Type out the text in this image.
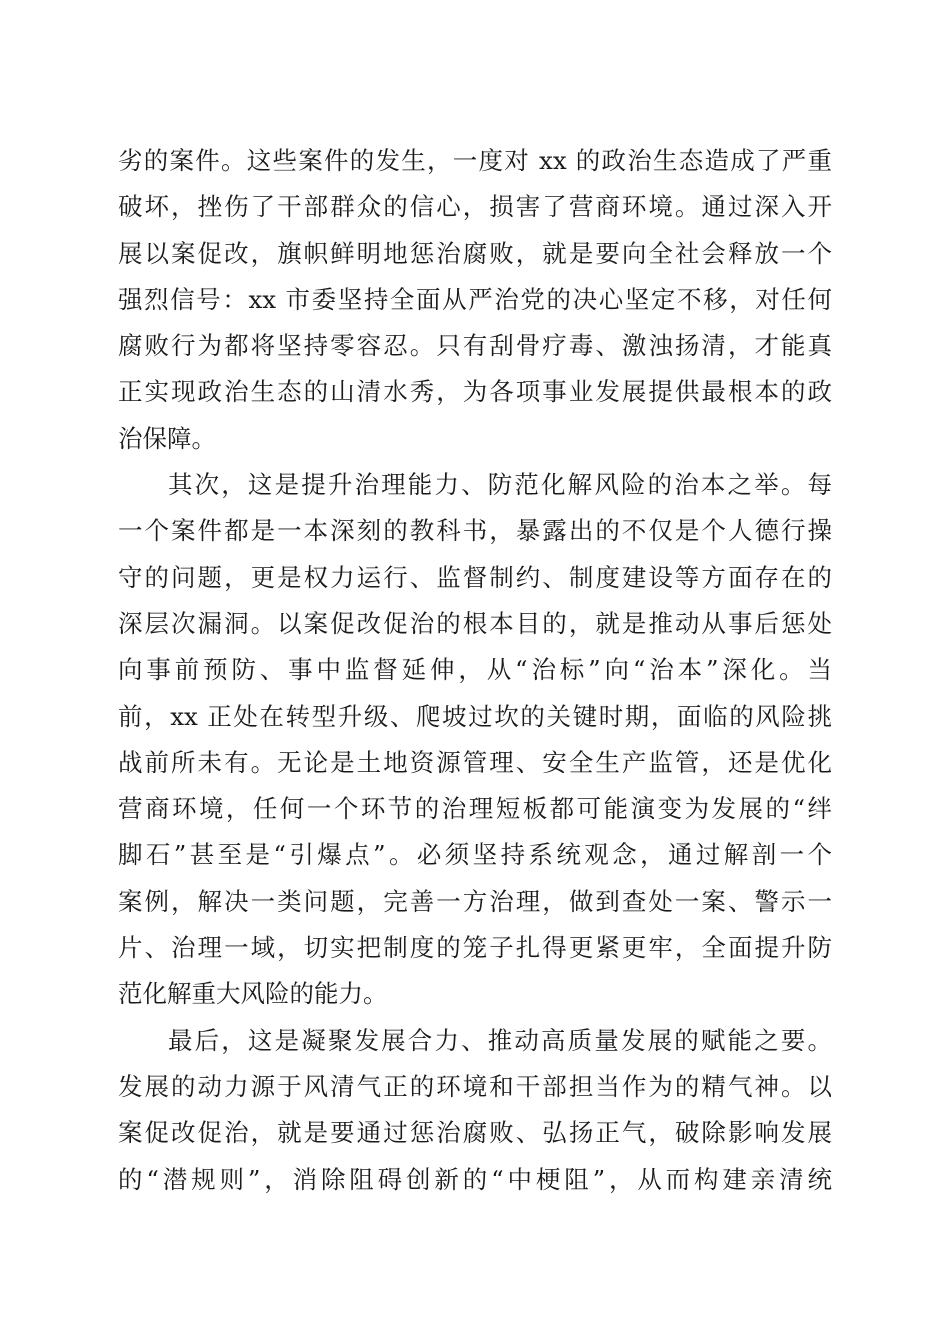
劣的案件。这些案件的发生，一度对 xx 的政治生态造成了严重
破坏，挫伤了干部群众的信心，损害了营商环境。通过深入开
展以案促改，旗帜鲜明地惩治腐败，就是要向全社会释放一个
强烈信号：xx 市委坚持全面从严治党的决心坚定不移，对任何
腐败行为都将坚持零容忍。只有刮骨疗毒、激浊扬清，才能真
正实现政治生态的山清水秀，为各项事业发展提供最根本的政
治保障。
其次，这是提升治理能力、防范化解风险的治本之举。每
一个案件都是一本深刻的教科书，暴露出的不仅是个人德行操
守的问题，更是权力运行、监督制约、制度建设等方面存在的
深层次漏洞。以案促改促治的根本目的，就是推动从事后惩处
向事前预防、事中监督延伸，从“治标”向“治本”深化。当
前，xx 正处在转型升级、爬坡过坎的关键时期，面临的风险挑
战前所未有。无论是土地资源管理、安全生产监管，还是优化
营商环境，任何一个环节的治理短板都可能演变为发展的“绊
脚石”甚至是“引爆点”。必须坚持系统观念，通过解剖一个
案例，解决一类问题，完善一方治理，做到查处一案、警示一
片、治理一域，切实把制度的笼子扎得更紧更牢，全面提升防
范化解重大风险的能力。
最后，这是凝聚发展合力、推动高质量发展的赋能之要。
发展的动力源于风清气正的环境和干部担当作为的精气神。以
案促改促治，就是要通过惩治腐败、弘扬正气，破除影响发展
的“潜规则”，消除阻碍创新的“中梗阻”，从而构建亲清统
